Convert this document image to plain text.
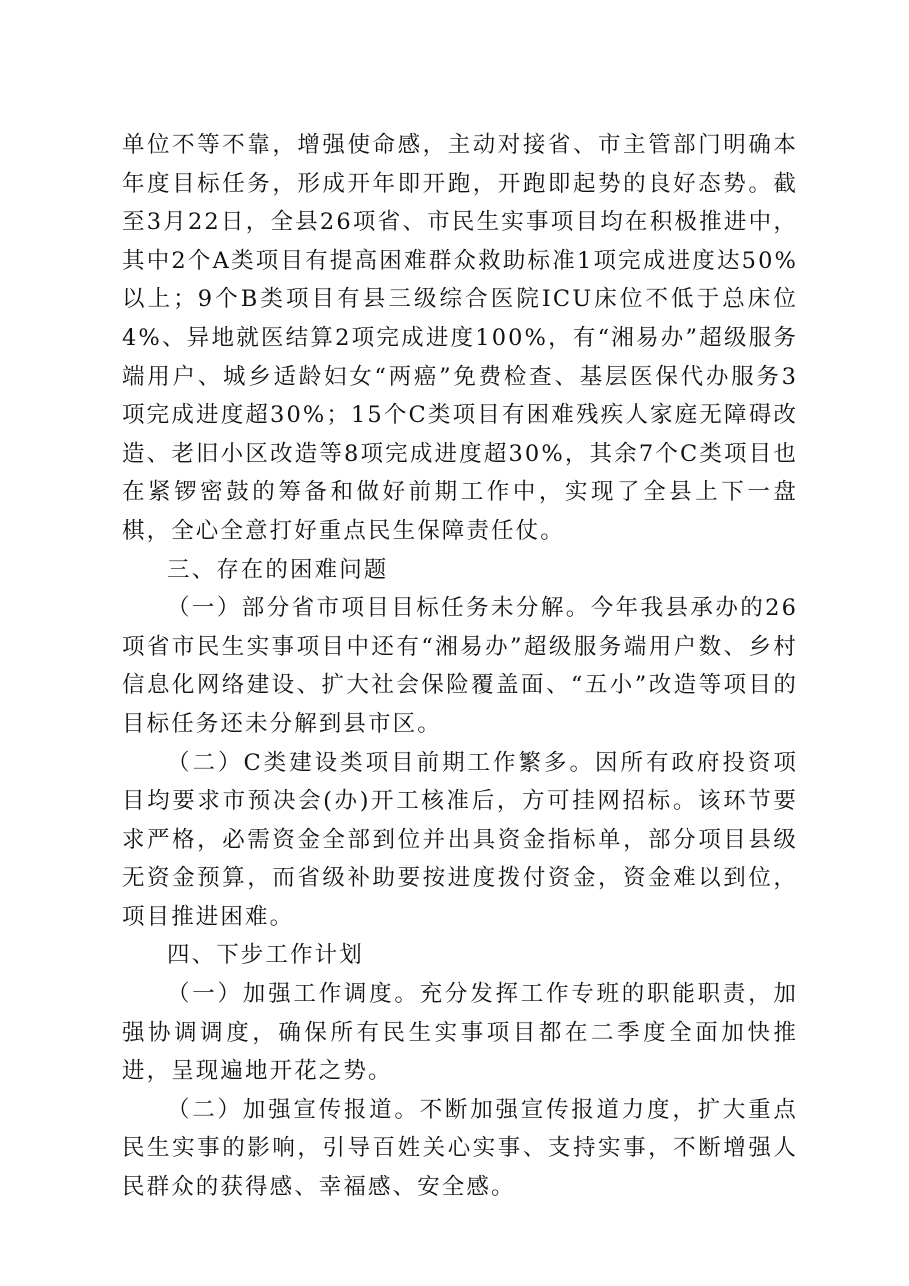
单位不等不靠，增强使命感，主动对接省、市主管部门明确本年度目标任务，形成开年即开跑，开跑即起势的良好态势。截至3月22日，全县26项省、市民生实事项目均在积极推进中，其中2个A类项目有提高困难群众救助标准1项完成进度达50%以上；9个B类项目有县三级综合医院ICU床位不低于总床位4%、异地就医结算2项完成进度100%，有“湘易办”超级服务端用户、城乡适龄妇女“两癌”免费检查、基层医保代办服务3项完成进度超30%；15个C类项目有困难残疾人家庭无障碍改造、老旧小区改造等8项完成进度超30%，其余7个C类项目也在紧锣密鼓的筹备和做好前期工作中，实现了全县上下一盘棋，全心全意打好重点民生保障责任仗。

三、存在的困难问题

（一）部分省市项目目标任务未分解。今年我县承办的26项省市民生实事项目中还有“湘易办”超级服务端用户数、乡村信息化网络建设、扩大社会保险覆盖面、“五小”改造等项目的目标任务还未分解到县市区。

（二）C类建设类项目前期工作繁多。因所有政府投资项目均要求市预决会(办)开工核准后，方可挂网招标。该环节要求严格，必需资金全部到位并出具资金指标单，部分项目县级无资金预算，而省级补助要按进度拨付资金，资金难以到位，项目推进困难。

四、下步工作计划

（一）加强工作调度。充分发挥工作专班的职能职责，加强协调调度，确保所有民生实事项目都在二季度全面加快推进，呈现遍地开花之势。

（二）加强宣传报道。不断加强宣传报道力度，扩大重点民生实事的影响，引导百姓关心实事、支持实事，不断增强人民群众的获得感、幸福感、安全感。
